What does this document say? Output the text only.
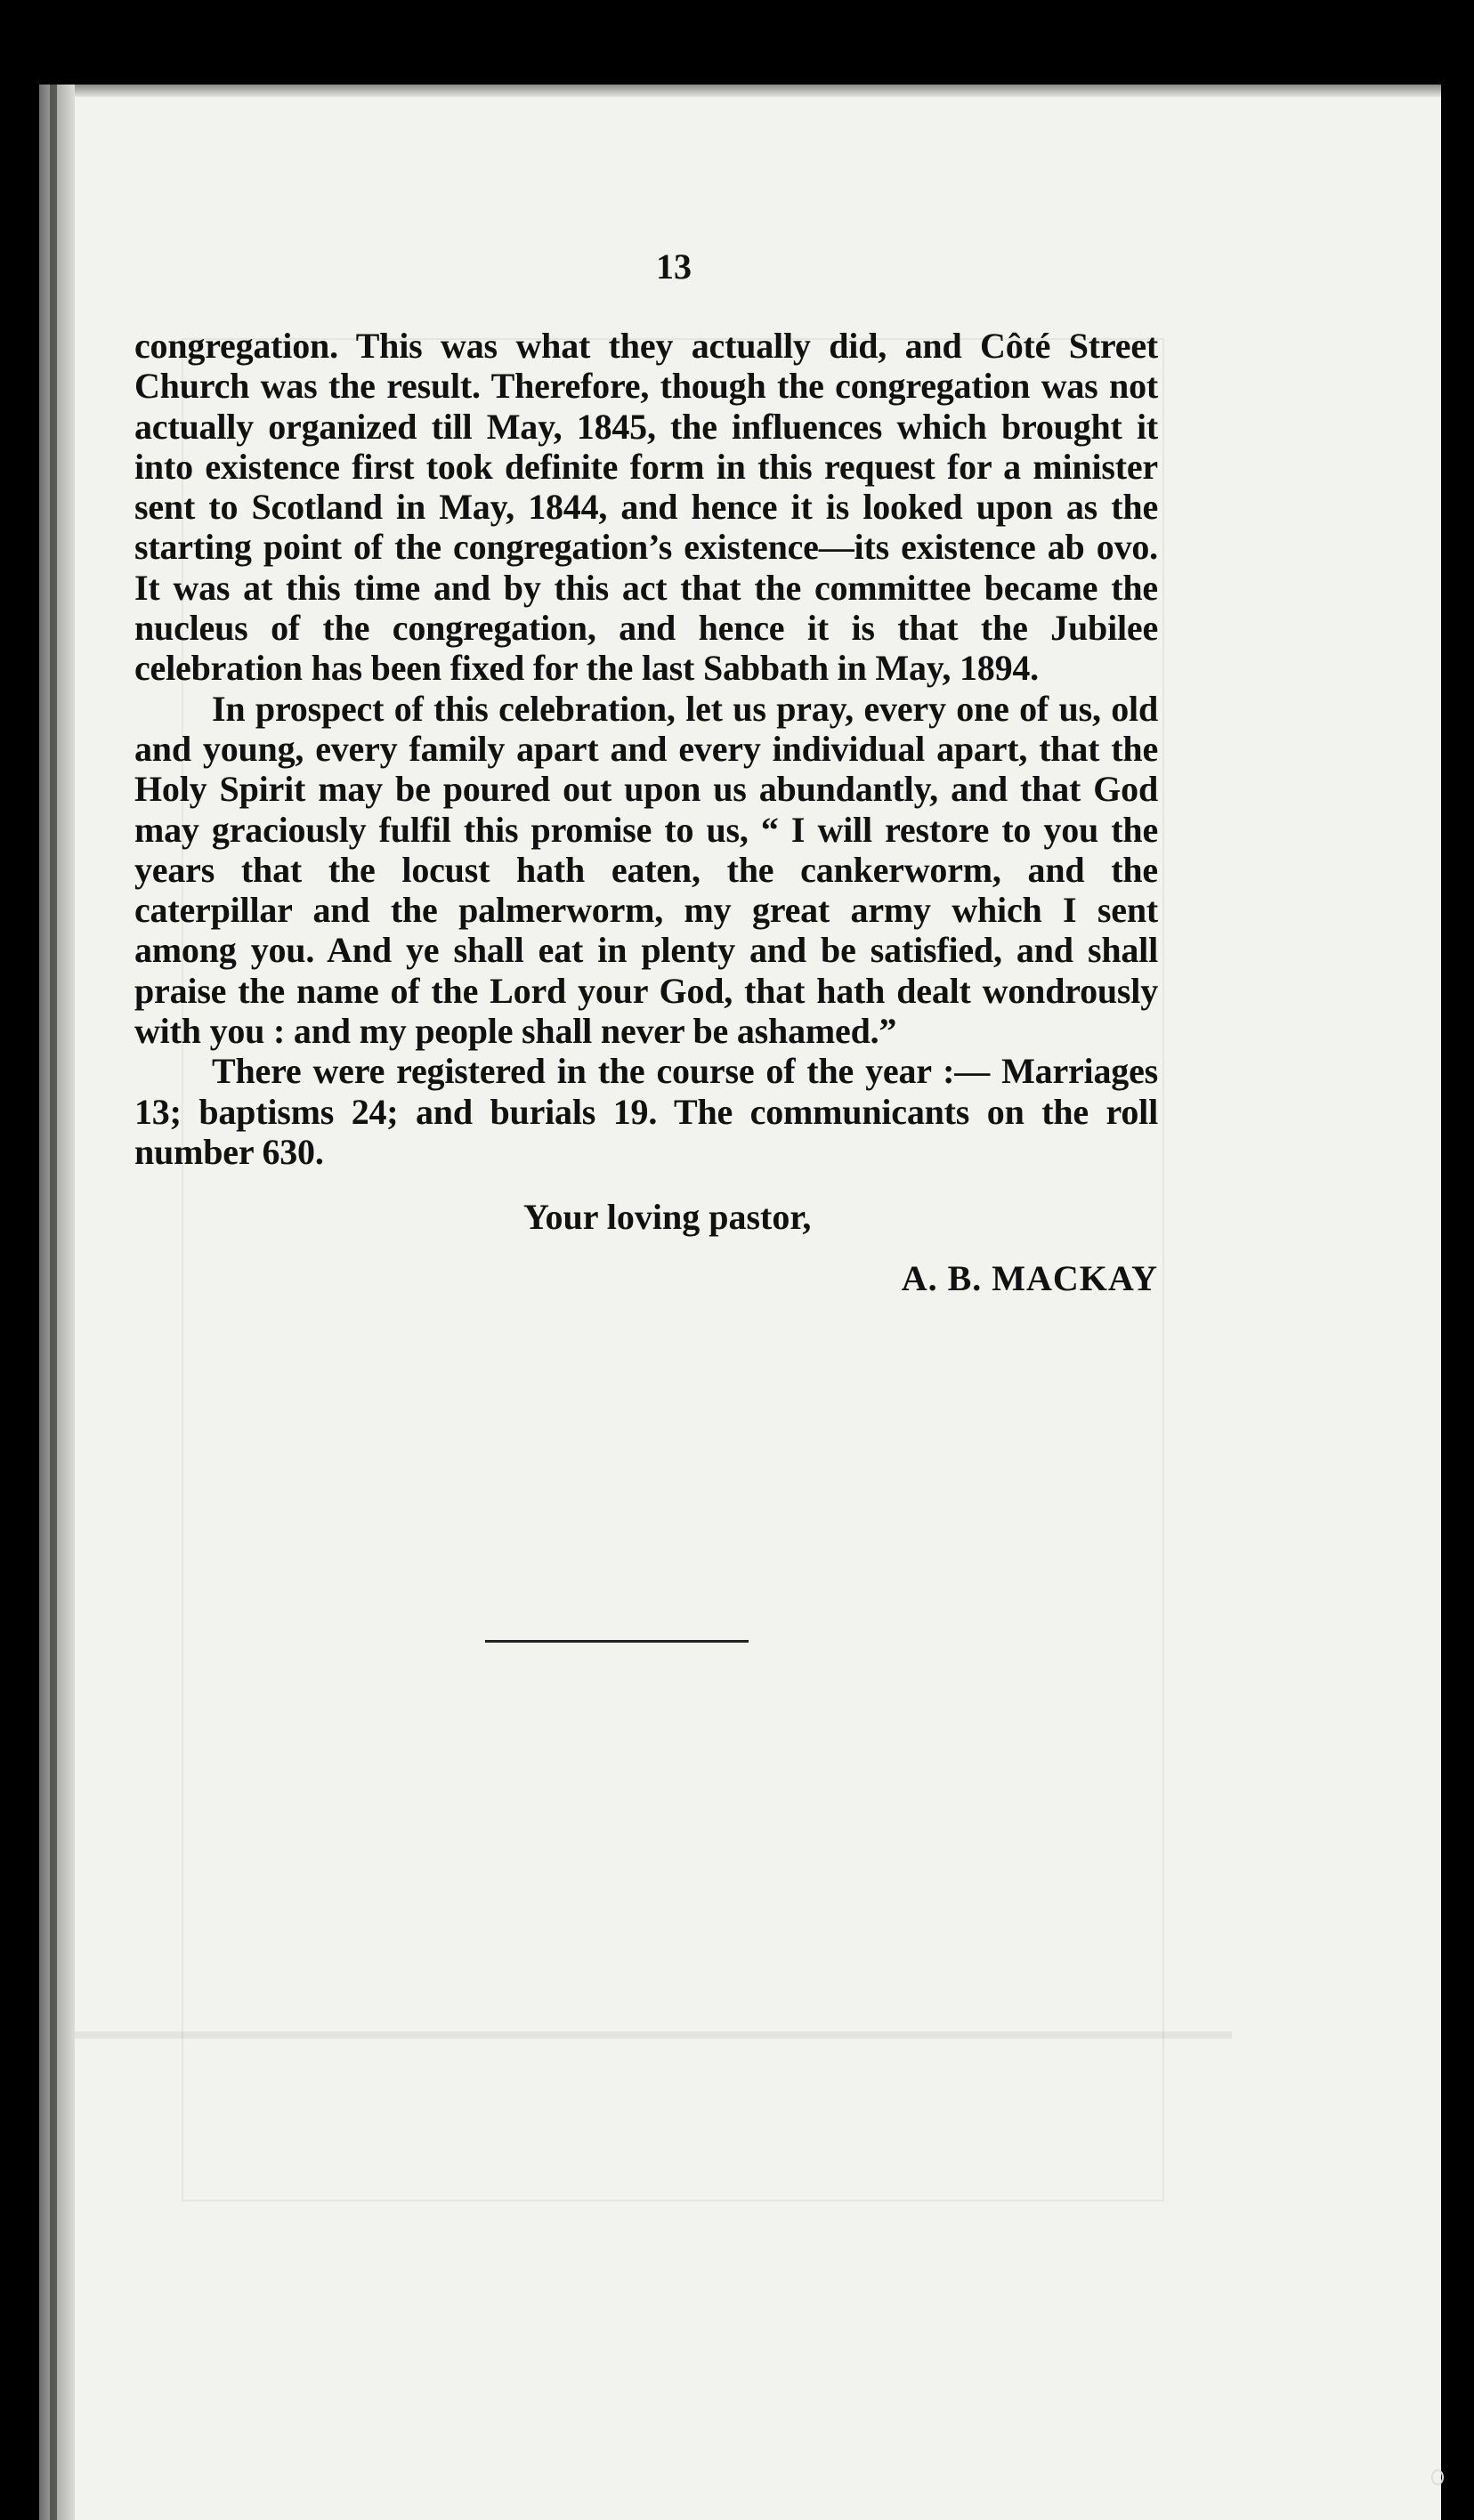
13

congregation. This was what they actually did, and Côté Street Church was the result. Therefore, though the congregation was not actually organized till May, 1845, the influences which brought it into existence first took definite form in this request for a minister sent to Scotland in May, 1844, and hence it is looked upon as the starting point of the congregation’s existence—its existence ab ovo. It was at this time and by this act that the committee became the nucleus of the congregation, and hence it is that the Jubilee celebration has been fixed for the last Sabbath in May, 1894.

In prospect of this celebration, let us pray, every one of us, old and young, every family apart and every individual apart, that the Holy Spirit may be poured out upon us abundantly, and that God may graciously fulfil this promise to us, “ I will restore to you the years that the locust hath eaten, the cankerworm, and the caterpillar and the palmerworm, my great army which I sent among you. And ye shall eat in plenty and be satisfied, and shall praise the name of the Lord your God, that hath dealt wondrously with you : and my people shall never be ashamed.”

There were registered in the course of the year :— Marriages 13; baptisms 24; and burials 19. The communicants on the roll number 630.

Your loving pastor,
A. B. MACKAY
